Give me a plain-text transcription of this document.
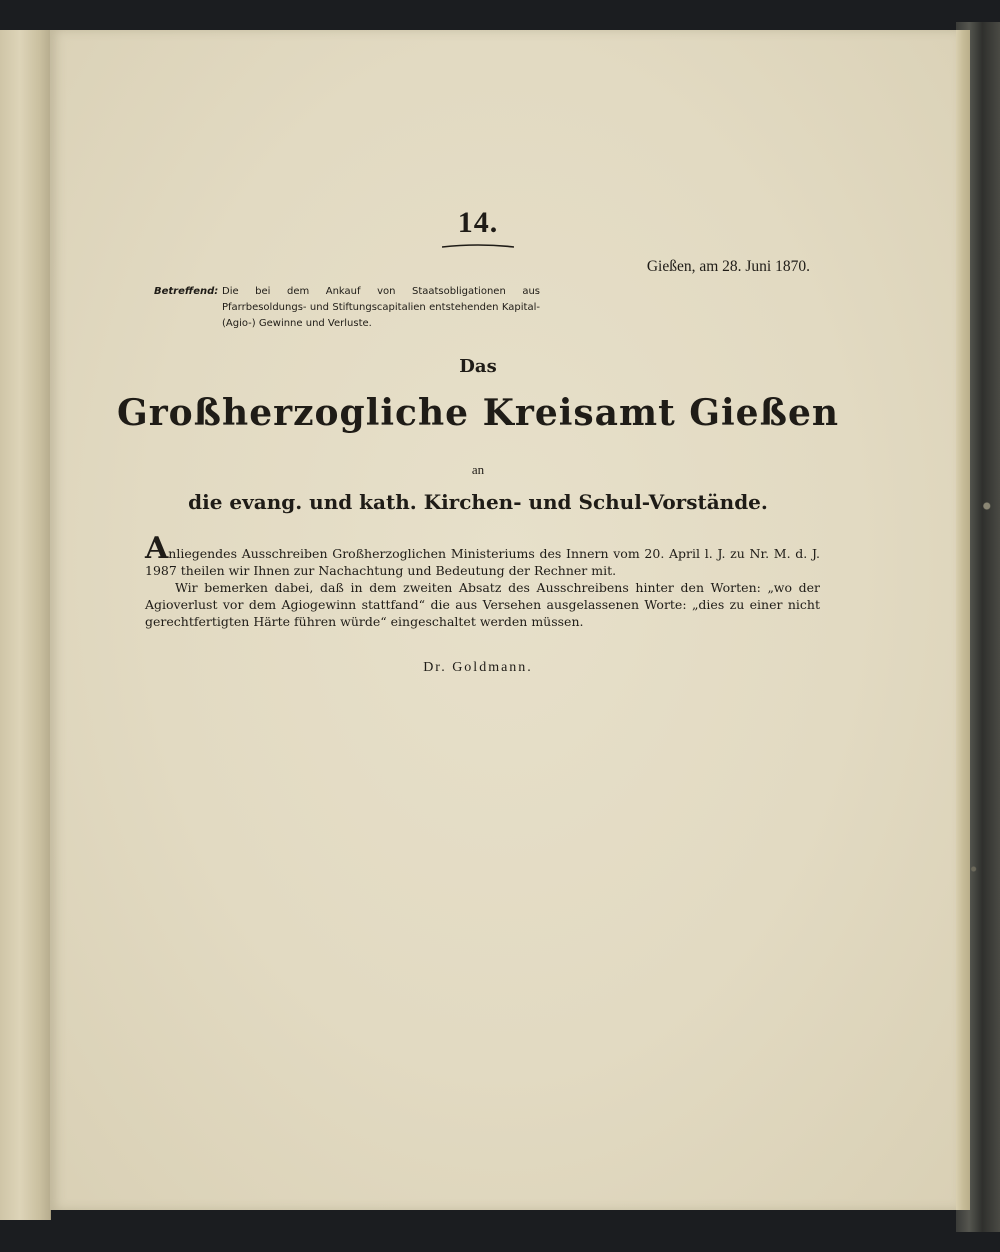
14.
Gießen, am 28. Juni 1870.
Betreffend: Die bei dem Ankauf von Staatsobligationen aus Pfarrbesoldungs- und Stiftungscapitalien entstehenden Kapital- (Agio-) Gewinne und Verluste.
Das
Großherzogliche Kreisamt Gießen
an
die evang. und kath. Kirchen- und Schul-Vorstände.

Anliegendes Ausschreiben Großherzoglichen Ministeriums des Innern vom 20. April l. J. zu Nr. M. d. J. 1987 theilen wir Ihnen zur Nachachtung und Bedeutung der Rechner mit.

Wir bemerken dabei, daß in dem zweiten Absatz des Ausschreibens hinter den Worten: „wo der Agioverlust vor dem Agiogewinn stattfand“ die aus Versehen ausgelassenen Worte: „dies zu einer nicht gerechtfertigten Härte führen würde“ eingeschaltet werden müssen.

Dr. Goldmann.
